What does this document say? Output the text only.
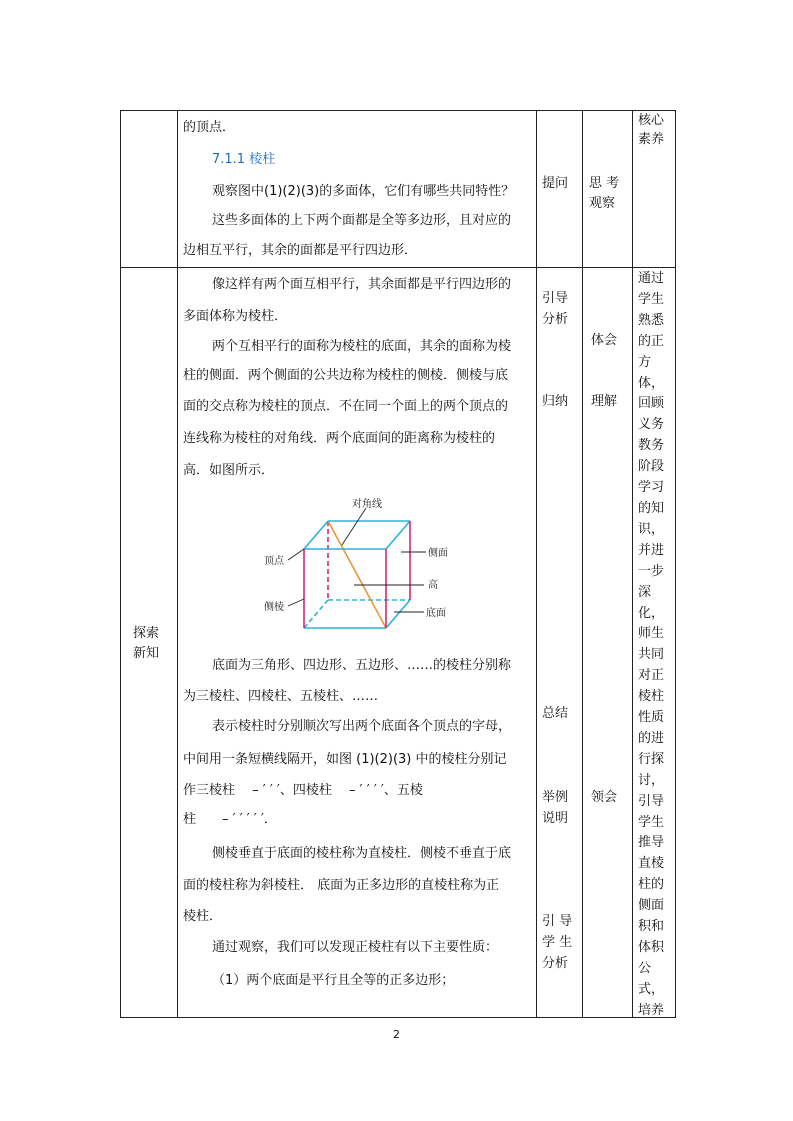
的顶点．
7.1.1 棱柱
观察图中(1)(2)(3)的多面体，它们有哪些共同特性？
这些多面体的上下两个面都是全等多边形，且对应的
边相互平行，其余的面都是平行四边形．
提问 思 考
观察
核心
素养
探索
新知
像这样有两个面互相平行，其余面都是平行四边形的
多面体称为棱柱．
两个互相平行的面称为棱柱的底面，其余的面称为棱
柱的侧面．两个侧面的公共边称为棱柱的侧棱．侧棱与底
面的交点称为棱柱的顶点．不在同一个面上的两个顶点的
连线称为棱柱的对角线．两个底面间的距离称为棱柱的
高．如图所示．
对角线
顶点
侧面
高
侧棱
底面
底面为三角形、四边形、五边形、……的棱柱分别称
为三棱柱、四棱柱、五棱柱、……
表示棱柱时分别顺次写出两个底面各个顶点的字母，
中间用一条短横线隔开，如图 (1)(2)(3) 中的棱柱分别记
作三棱柱　 – ′ ′ ′、四棱柱　 – ′ ′ ′ ′、五棱
柱　　– ′ ′ ′ ′ ′．
侧棱垂直于底面的棱柱称为直棱柱．侧棱不垂直于底
面的棱柱称为斜棱柱． 底面为正多边形的直棱柱称为正
棱柱．
通过观察，我们可以发现正棱柱有以下主要性质：
（1）两个底面是平行且全等的正多边形；
引导
分析
归纳
总结
举例
说明
引 导
学 生
分析
体会
理解
领会
通过
学生
熟悉
的正
方
体，
回顾
义务
教务
阶段
学习
的知
识，
并进
一步
深
化，
师生
共同
对正
棱柱
性质
的进
行探
讨，
引导
学生
推导
直棱
柱的
侧面
积和
体积
公
式，
培养
2
